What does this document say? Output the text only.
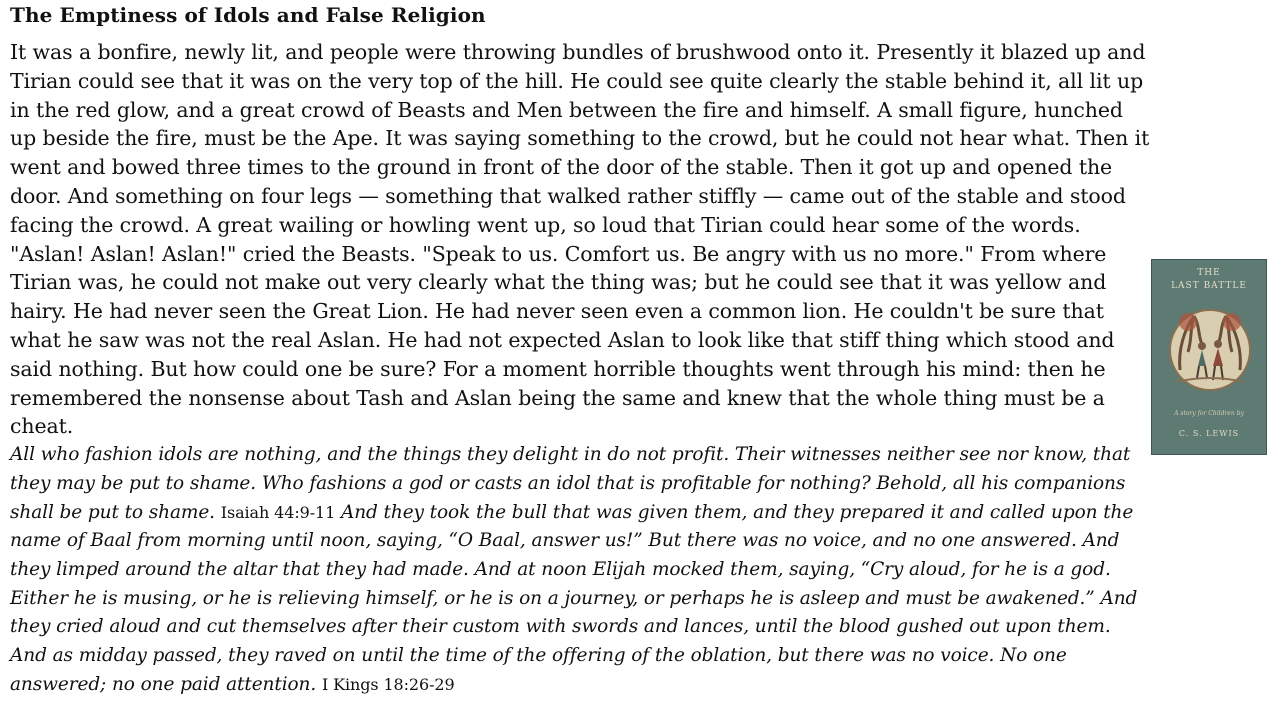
The Emptiness of Idols and False Religion

It was a bonfire, newly lit, and people were throwing bundles of brushwood onto it. Presently it blazed up and Tirian could see that it was on the very top of the hill. He could see quite clearly the stable behind it, all lit up in the red glow, and a great crowd of Beasts and Men between the fire and himself. A small figure, hunched up beside the fire, must be the Ape. It was saying something to the crowd, but he could not hear what. Then it went and bowed three times to the ground in front of the door of the stable. Then it got up and opened the door. And something on four legs — something that walked rather stiffly — came out of the stable and stood facing the crowd. A great wailing or howling went up, so loud that Tirian could hear some of the words. "Aslan! Aslan! Aslan!" cried the Beasts. "Speak to us. Comfort us. Be angry with us no more." From where Tirian was, he could not make out very clearly what the thing was; but he could see that it was yellow and hairy. He had never seen the Great Lion. He had never seen even a common lion. He couldn't be sure that what he saw was not the real Aslan. He had not expected Aslan to look like that stiff thing which stood and said nothing. But how could one be sure? For a moment horrible thoughts went through his mind: then he remembered the nonsense about Tash and Aslan being the same and knew that the whole thing must be a cheat.

All who fashion idols are nothing, and the things they delight in do not profit. Their witnesses neither see nor know, that they may be put to shame. Who fashions a god or casts an idol that is profitable for nothing? Behold, all his companions shall be put to shame. Isaiah 44:9-11 And they took the bull that was given them, and they prepared it and called upon the name of Baal from morning until noon, saying, “O Baal, answer us!” But there was no voice, and no one answered. And they limped around the altar that they had made. And at noon Elijah mocked them, saying, “Cry aloud, for he is a god. Either he is musing, or he is relieving himself, or he is on a journey, or perhaps he is asleep and must be awakened.” And they cried aloud and cut themselves after their custom with swords and lances, until the blood gushed out upon them. And as midday passed, they raved on until the time of the offering of the oblation, but there was no voice. No one answered; no one paid attention. I Kings 18:26-29

THE
LAST BATTLE
A story for Children by
C. S. LEWIS
